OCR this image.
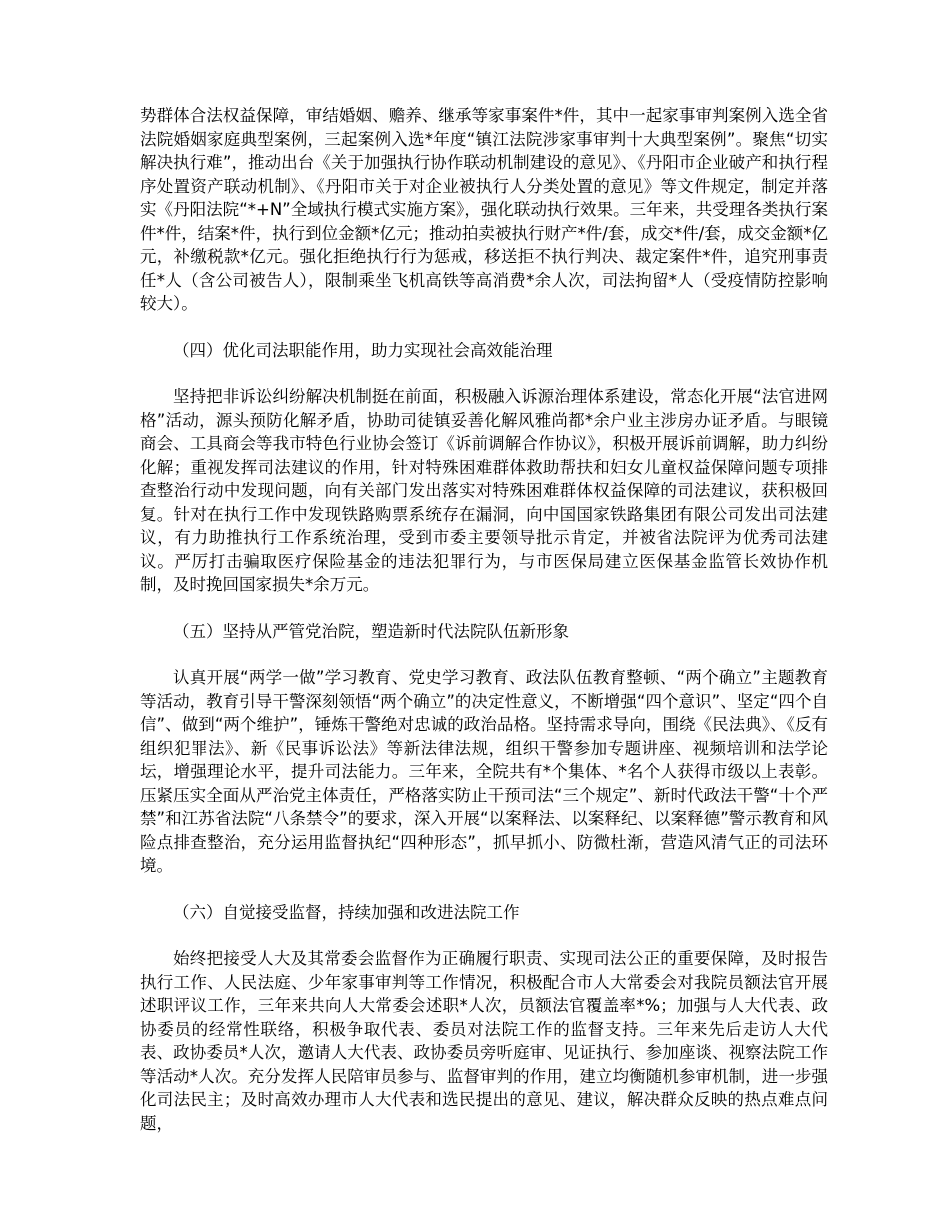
势群体合法权益保障，审结婚姻、赡养、继承等家事案件*件，其中一起家事审判案例入选全省法院婚姻家庭典型案例，三起案例入选*年度“镇江法院涉家事审判十大典型案例”。聚焦“切实解决执行难”，推动出台《关于加强执行协作联动机制建设的意见》、《丹阳市企业破产和执行程序处置资产联动机制》、《丹阳市关于对企业被执行人分类处置的意见》等文件规定，制定并落实《丹阳法院“*+N”全域执行模式实施方案》，强化联动执行效果。三年来，共受理各类执行案件*件，结案*件，执行到位金额*亿元；推动拍卖被执行财产*件/套，成交*件/套，成交金额*亿元，补缴税款*亿元。强化拒绝执行行为惩戒，移送拒不执行判决、裁定案件*件，追究刑事责任*人（含公司被告人），限制乘坐飞机高铁等高消费*余人次，司法拘留*人（受疫情防控影响较大）。

（四）优化司法职能作用，助力实现社会高效能治理

坚持把非诉讼纠纷解决机制挺在前面，积极融入诉源治理体系建设，常态化开展“法官进网格”活动，源头预防化解矛盾，协助司徒镇妥善化解风雅尚都*余户业主涉房办证矛盾。与眼镜商会、工具商会等我市特色行业协会签订《诉前调解合作协议》，积极开展诉前调解，助力纠纷化解；重视发挥司法建议的作用，针对特殊困难群体救助帮扶和妇女儿童权益保障问题专项排查整治行动中发现问题，向有关部门发出落实对特殊困难群体权益保障的司法建议，获积极回复。针对在执行工作中发现铁路购票系统存在漏洞，向中国国家铁路集团有限公司发出司法建议，有力助推执行工作系统治理，受到市委主要领导批示肯定，并被省法院评为优秀司法建议。严厉打击骗取医疗保险基金的违法犯罪行为，与市医保局建立医保基金监管长效协作机制，及时挽回国家损失*余万元。

（五）坚持从严管党治院，塑造新时代法院队伍新形象

认真开展“两学一做”学习教育、党史学习教育、政法队伍教育整顿、“两个确立”主题教育等活动，教育引导干警深刻领悟“两个确立”的决定性意义，不断增强“四个意识”、坚定“四个自信”、做到“两个维护”，锤炼干警绝对忠诚的政治品格。坚持需求导向，围绕《民法典》、《反有组织犯罪法》、新《民事诉讼法》等新法律法规，组织干警参加专题讲座、视频培训和法学论坛，增强理论水平，提升司法能力。三年来，全院共有*个集体、*名个人获得市级以上表彰。压紧压实全面从严治党主体责任，严格落实防止干预司法“三个规定”、新时代政法干警“十个严禁”和江苏省法院“八条禁令”的要求，深入开展“以案释法、以案释纪、以案释德”警示教育和风险点排查整治，充分运用监督执纪“四种形态”，抓早抓小、防微杜渐，营造风清气正的司法环境。

（六）自觉接受监督，持续加强和改进法院工作

始终把接受人大及其常委会监督作为正确履行职责、实现司法公正的重要保障，及时报告执行工作、人民法庭、少年家事审判等工作情况，积极配合市人大常委会对我院员额法官开展述职评议工作，三年来共向人大常委会述职*人次，员额法官覆盖率*%；加强与人大代表、政协委员的经常性联络，积极争取代表、委员对法院工作的监督支持。三年来先后走访人大代表、政协委员*人次，邀请人大代表、政协委员旁听庭审、见证执行、参加座谈、视察法院工作等活动*人次。充分发挥人民陪审员参与、监督审判的作用，建立均衡随机参审机制，进一步强化司法民主；及时高效办理市人大代表和选民提出的意见、建议，解决群众反映的热点难点问题，
